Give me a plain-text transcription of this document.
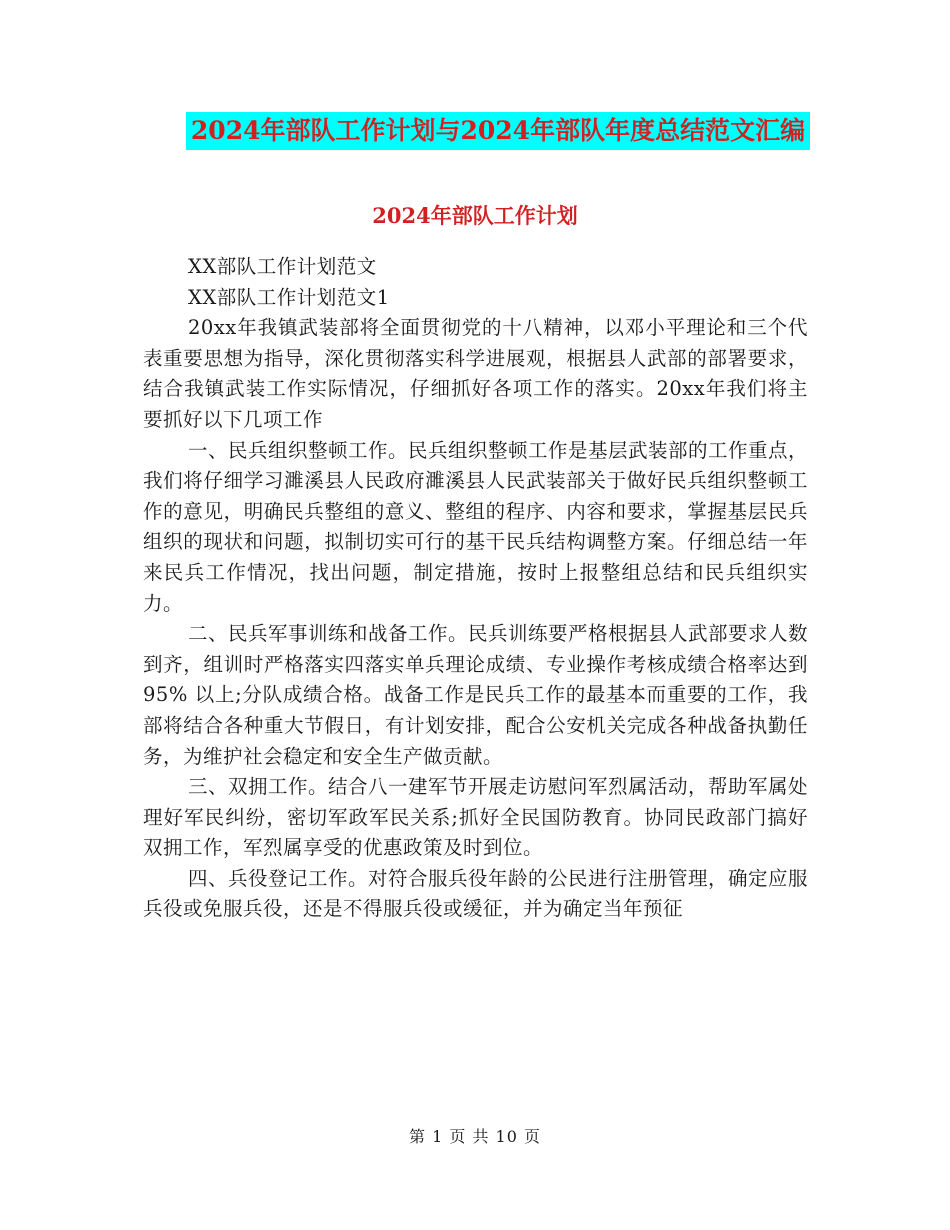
2024年部队工作计划与2024年部队年度总结范文汇编
2024年部队工作计划

XX部队工作计划范文

XX部队工作计划范文1

20xx年我镇武装部将全面贯彻党的十八精神，以邓小平理论和三个代表重要思想为指导，深化贯彻落实科学进展观，根据县人武部的部署要求，结合我镇武装工作实际情况，仔细抓好各项工作的落实。20xx年我们将主要抓好以下几项工作

一、民兵组织整顿工作。民兵组织整顿工作是基层武装部的工作重点，我们将仔细学习濉溪县人民政府濉溪县人民武装部关于做好民兵组织整顿工作的意见，明确民兵整组的意义、整组的程序、内容和要求，掌握基层民兵组织的现状和问题，拟制切实可行的基干民兵结构调整方案。仔细总结一年来民兵工作情况，找出问题，制定措施，按时上报整组总结和民兵组织实力。

二、民兵军事训练和战备工作。民兵训练要严格根据县人武部要求人数到齐，组训时严格落实四落实单兵理论成绩、专业操作考核成绩合格率达到95% 以上;分队成绩合格。战备工作是民兵工作的最基本而重要的工作，我部将结合各种重大节假日，有计划安排，配合公安机关完成各种战备执勤任务，为维护社会稳定和安全生产做贡献。

三、双拥工作。结合八一建军节开展走访慰问军烈属活动，帮助军属处理好军民纠纷，密切军政军民关系;抓好全民国防教育。协同民政部门搞好双拥工作，军烈属享受的优惠政策及时到位。

四、兵役登记工作。对符合服兵役年龄的公民进行注册管理，确定应服兵役或免服兵役，还是不得服兵役或缓征，并为确定当年预征

第 1 页 共 10 页
